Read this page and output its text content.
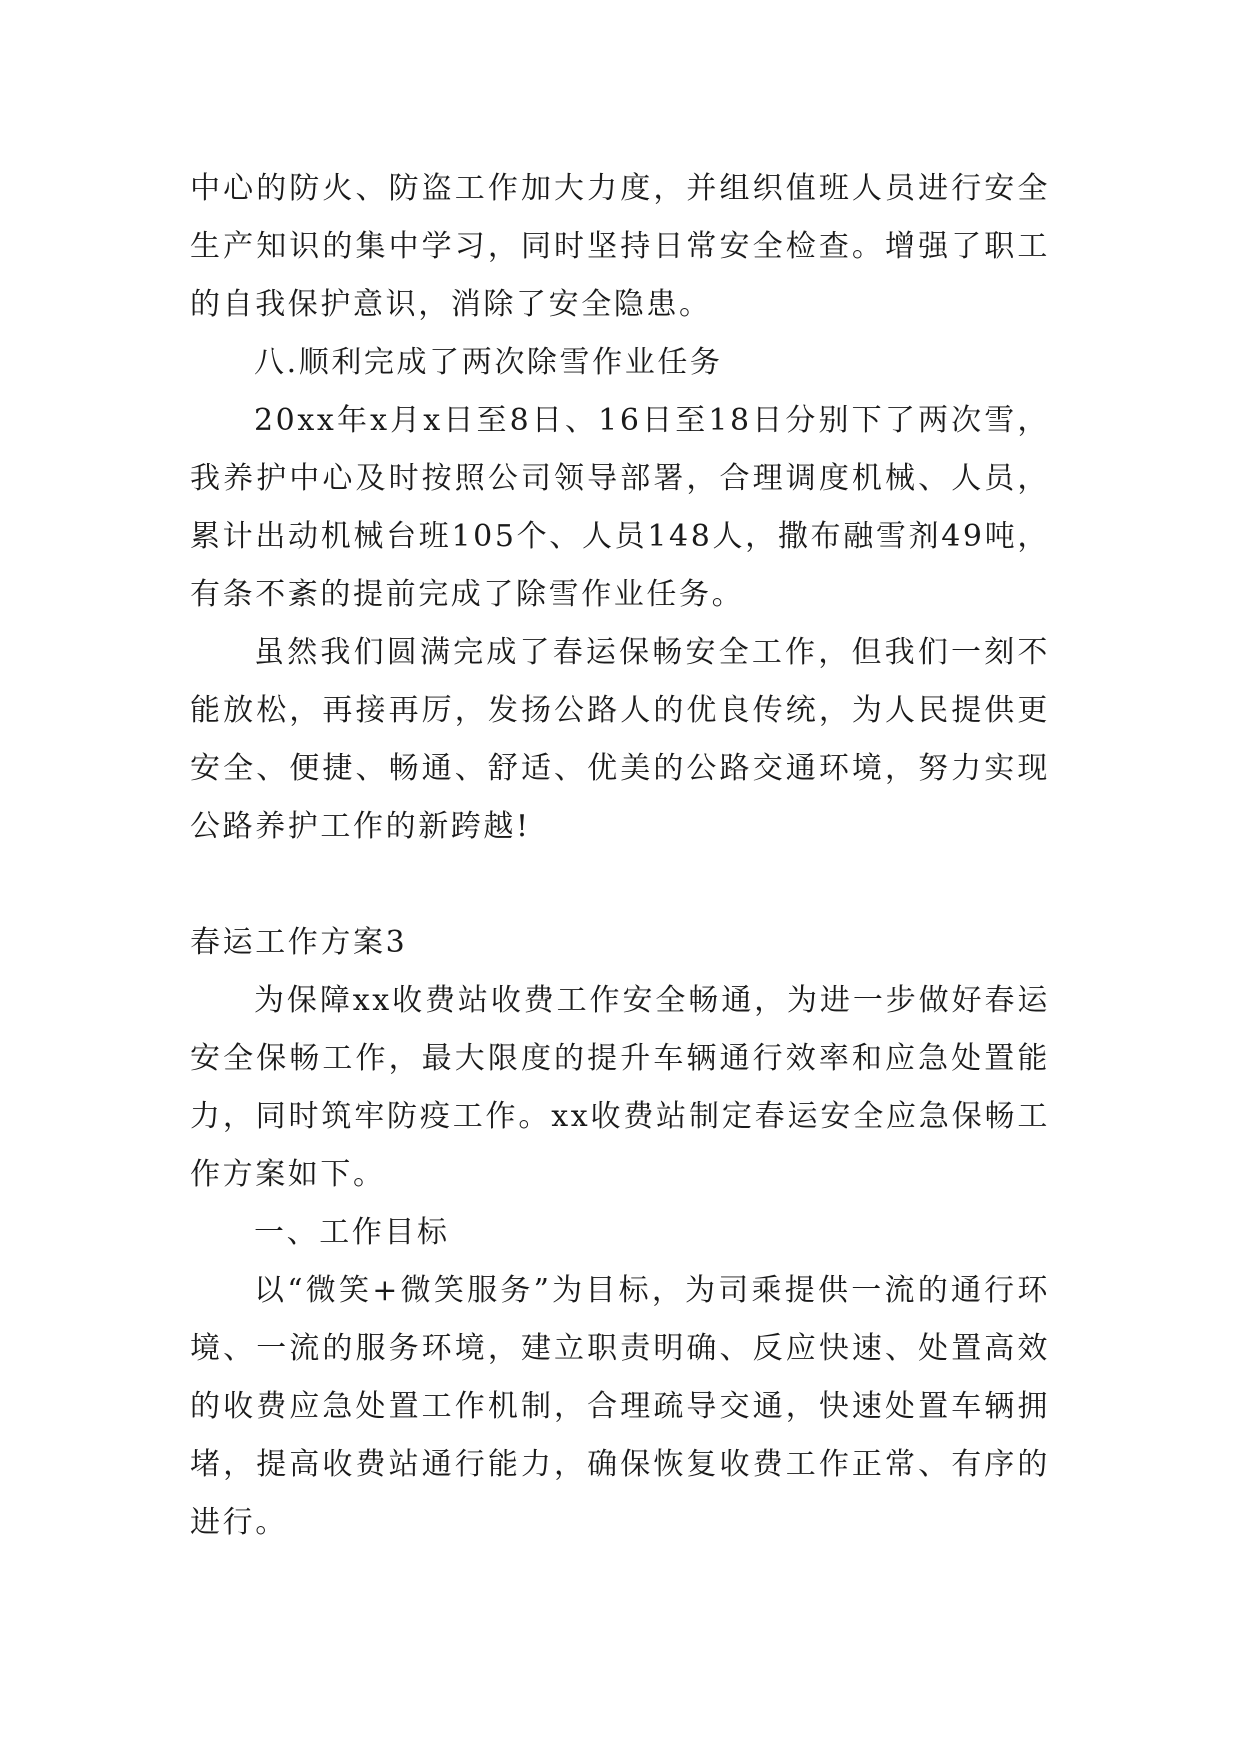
中心的防火、防盗工作加大力度，并组织值班人员进行安全生产知识的集中学习，同时坚持日常安全检查。增强了职工的自我保护意识，消除了安全隐患。

八.顺利完成了两次除雪作业任务

20xx年x月x日至8日、16日至18日分别下了两次雪，我养护中心及时按照公司领导部署，合理调度机械、人员，累计出动机械台班105个、人员148人，撒布融雪剂49吨，有条不紊的提前完成了除雪作业任务。

虽然我们圆满完成了春运保畅安全工作，但我们一刻不能放松，再接再厉，发扬公路人的优良传统，为人民提供更安全、便捷、畅通、舒适、优美的公路交通环境，努力实现公路养护工作的新跨越!

春运工作方案3

为保障xx收费站收费工作安全畅通，为进一步做好春运安全保畅工作，最大限度的提升车辆通行效率和应急处置能力，同时筑牢防疫工作。xx收费站制定春运安全应急保畅工作方案如下。

一、工作目标

以“微笑+微笑服务”为目标，为司乘提供一流的通行环境、一流的服务环境，建立职责明确、反应快速、处置高效的收费应急处置工作机制，合理疏导交通，快速处置车辆拥堵，提高收费站通行能力，确保恢复收费工作正常、有序的进行。
